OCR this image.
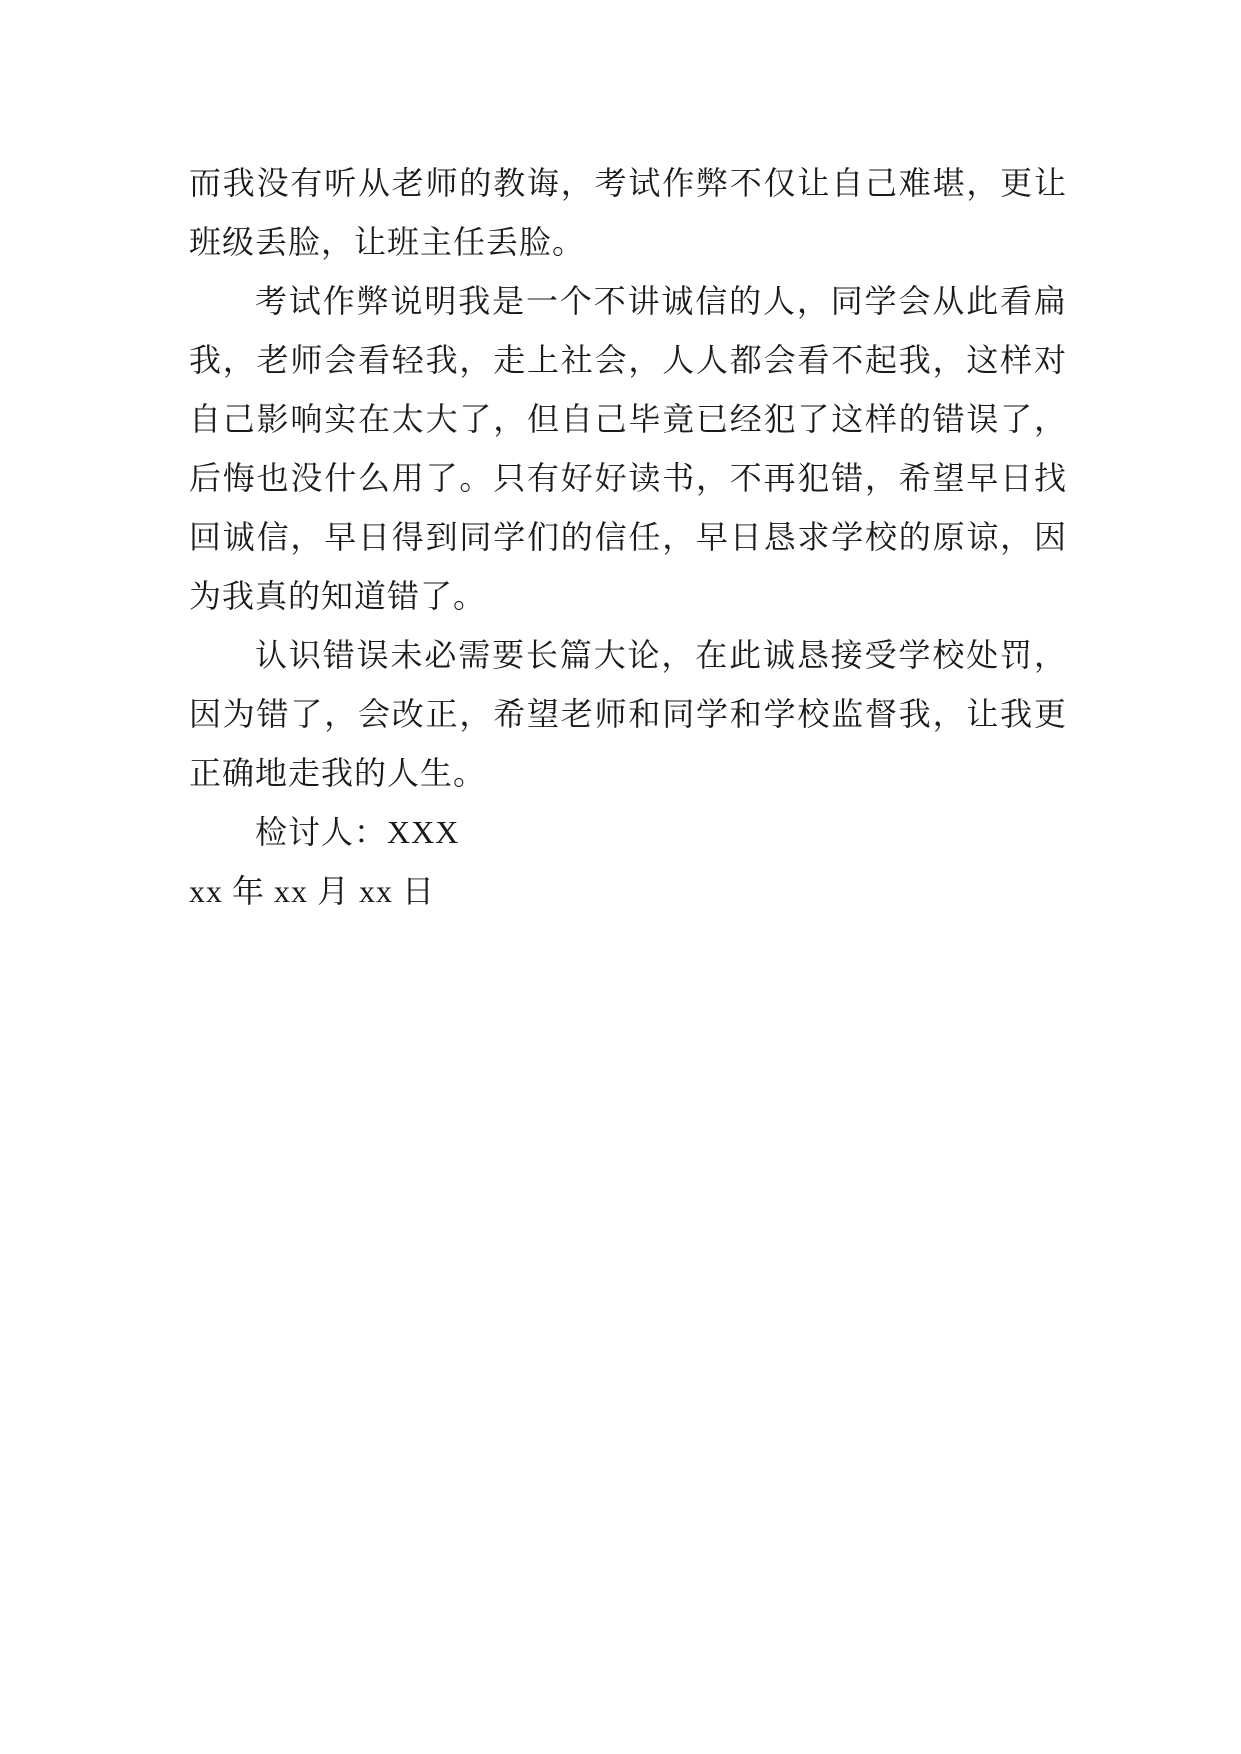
而我没有听从老师的教诲，考试作弊不仅让自己难堪，更让
班级丢脸，让班主任丢脸。
考试作弊说明我是一个不讲诚信的人，同学会从此看扁
我，老师会看轻我，走上社会，人人都会看不起我，这样对
自己影响实在太大了，但自己毕竟已经犯了这样的错误了，
后悔也没什么用了。只有好好读书，不再犯错，希望早日找
回诚信，早日得到同学们的信任，早日恳求学校的原谅，因
为我真的知道错了。
认识错误未必需要长篇大论，在此诚恳接受学校处罚，
因为错了，会改正，希望老师和同学和学校监督我，让我更
正确地走我的人生。
检讨人：XXX
xx 年 xx 月 xx 日
